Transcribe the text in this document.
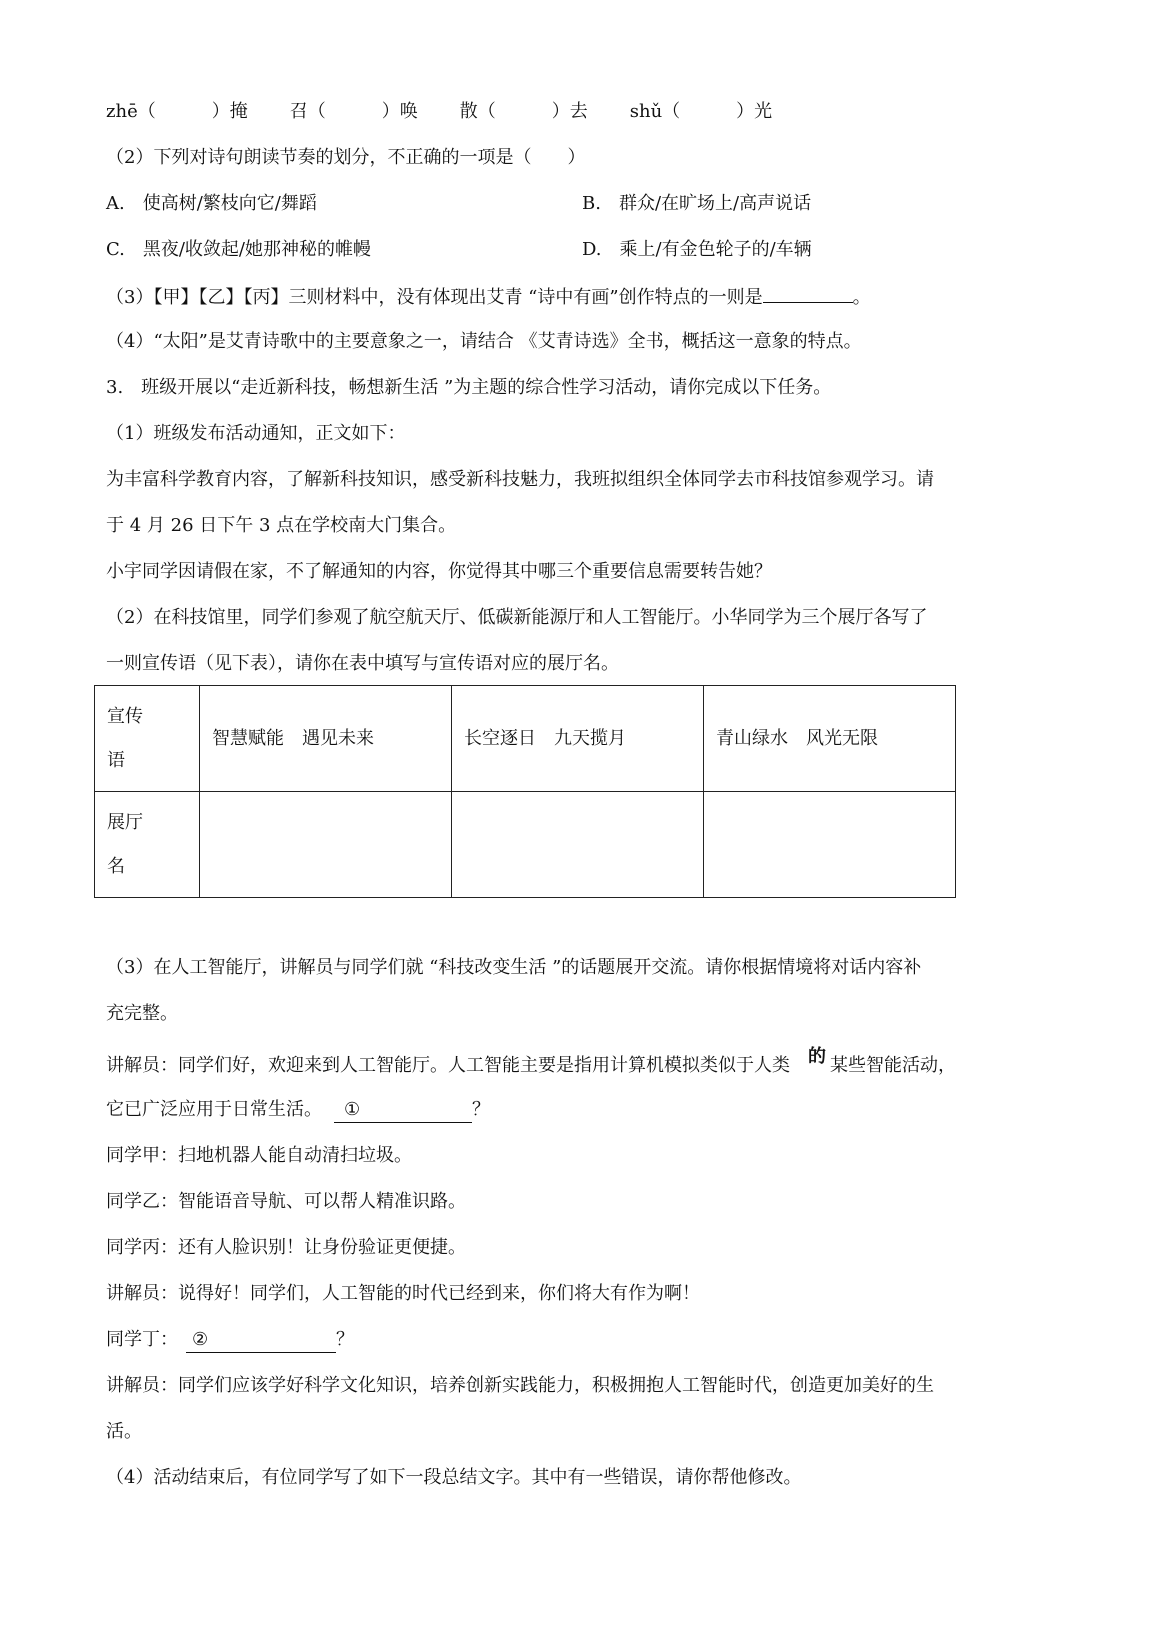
zhē（	）掩 召（	）唤 散（	）去 shǔ（	）光
（2）下列对诗句朗读节奏的划分，不正确的一项是（　　）
A.　使高树/繁枝向它/舞蹈	B.　群众/在旷场上/高声说话
C.　黑夜/收敛起/她那神秘的帷幔	D.　乘上/有金色轮子的/车辆
（3）【甲】【乙】【丙】三则材料中，没有体现出艾青 “诗中有画”创作特点的一则是	。
（4）“太阳”是艾青诗歌中的主要意象之一，请结合 《艾青诗选》全书，概括这一意象的特点。
3.　班级开展以“走近新科技，畅想新生活 ”为主题的综合性学习活动，请你完成以下任务。
（1）班级发布活动通知，正文如下：
为丰富科学教育内容，了解新科技知识，感受新科技魅力，我班拟组织全体同学去市科技馆参观学习。请
于 4 月 26 日下午 3 点在学校南大门集合。
小宇同学因请假在家，不了解通知的内容，你觉得其中哪三个重要信息需要转告她？
（2）在科技馆里，同学们参观了航空航天厅、低碳新能源厅和人工智能厅。小华同学为三个展厅各写了
一则宣传语（见下表），请你在表中填写与宣传语对应的展厅名。
宣传语	智慧赋能　遇见未来	长空逐日　九天揽月	青山绿水　风光无限

展厅名			

（3）在人工智能厅，讲解员与同学们就 “科技改变生活 ”的话题展开交流。请你根据情境将对话内容补
充完整。
讲解员：同学们好，欢迎来到人工智能厅。人工智能主要是指用计算机模拟类似于人类 的 某些智能活动，
它已广泛应用于日常生活。 ①	？
同学甲：扫地机器人能自动清扫垃圾。
同学乙：智能语音导航、可以帮人精准识路。
同学丙：还有人脸识别！让身份验证更便捷。
讲解员：说得好！同学们，人工智能的时代已经到来，你们将大有作为啊！
同学丁： ②	？
讲解员：同学们应该学好科学文化知识，培养创新实践能力，积极拥抱人工智能时代，创造更加美好的生
活。
（4）活动结束后，有位同学写了如下一段总结文字。其中有一些错误，请你帮他修改。
